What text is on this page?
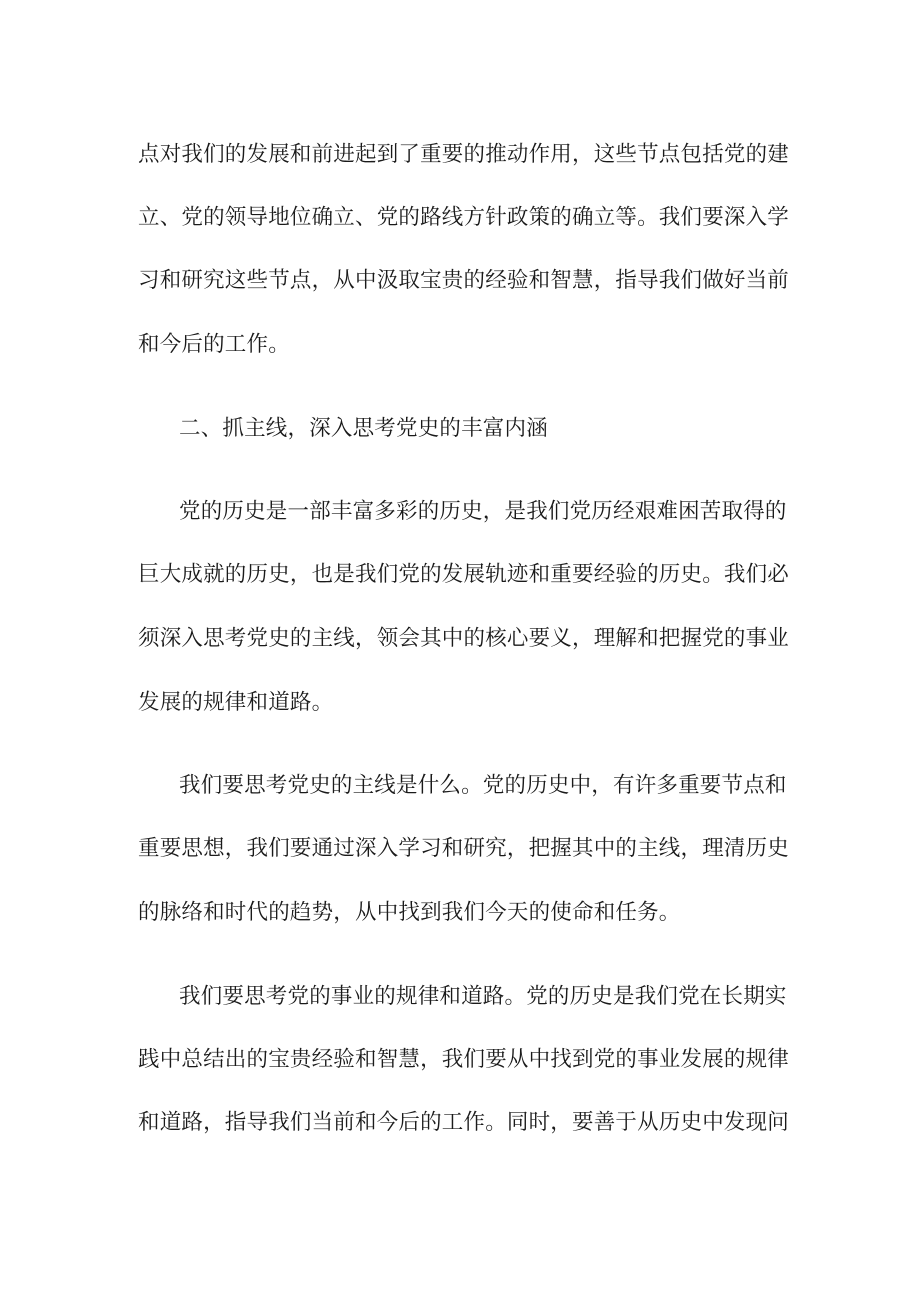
点对我们的发展和前进起到了重要的推动作用，这些节点包括党的建
立、党的领导地位确立、党的路线方针政策的确立等。我们要深入学
习和研究这些节点，从中汲取宝贵的经验和智慧，指导我们做好当前
和今后的工作。
二、抓主线，深入思考党史的丰富内涵
党的历史是一部丰富多彩的历史，是我们党历经艰难困苦取得的
巨大成就的历史，也是我们党的发展轨迹和重要经验的历史。我们必
须深入思考党史的主线，领会其中的核心要义，理解和把握党的事业
发展的规律和道路。
我们要思考党史的主线是什么。党的历史中，有许多重要节点和
重要思想，我们要通过深入学习和研究，把握其中的主线，理清历史
的脉络和时代的趋势，从中找到我们今天的使命和任务。
我们要思考党的事业的规律和道路。党的历史是我们党在长期实
践中总结出的宝贵经验和智慧，我们要从中找到党的事业发展的规律
和道路，指导我们当前和今后的工作。同时，要善于从历史中发现问
